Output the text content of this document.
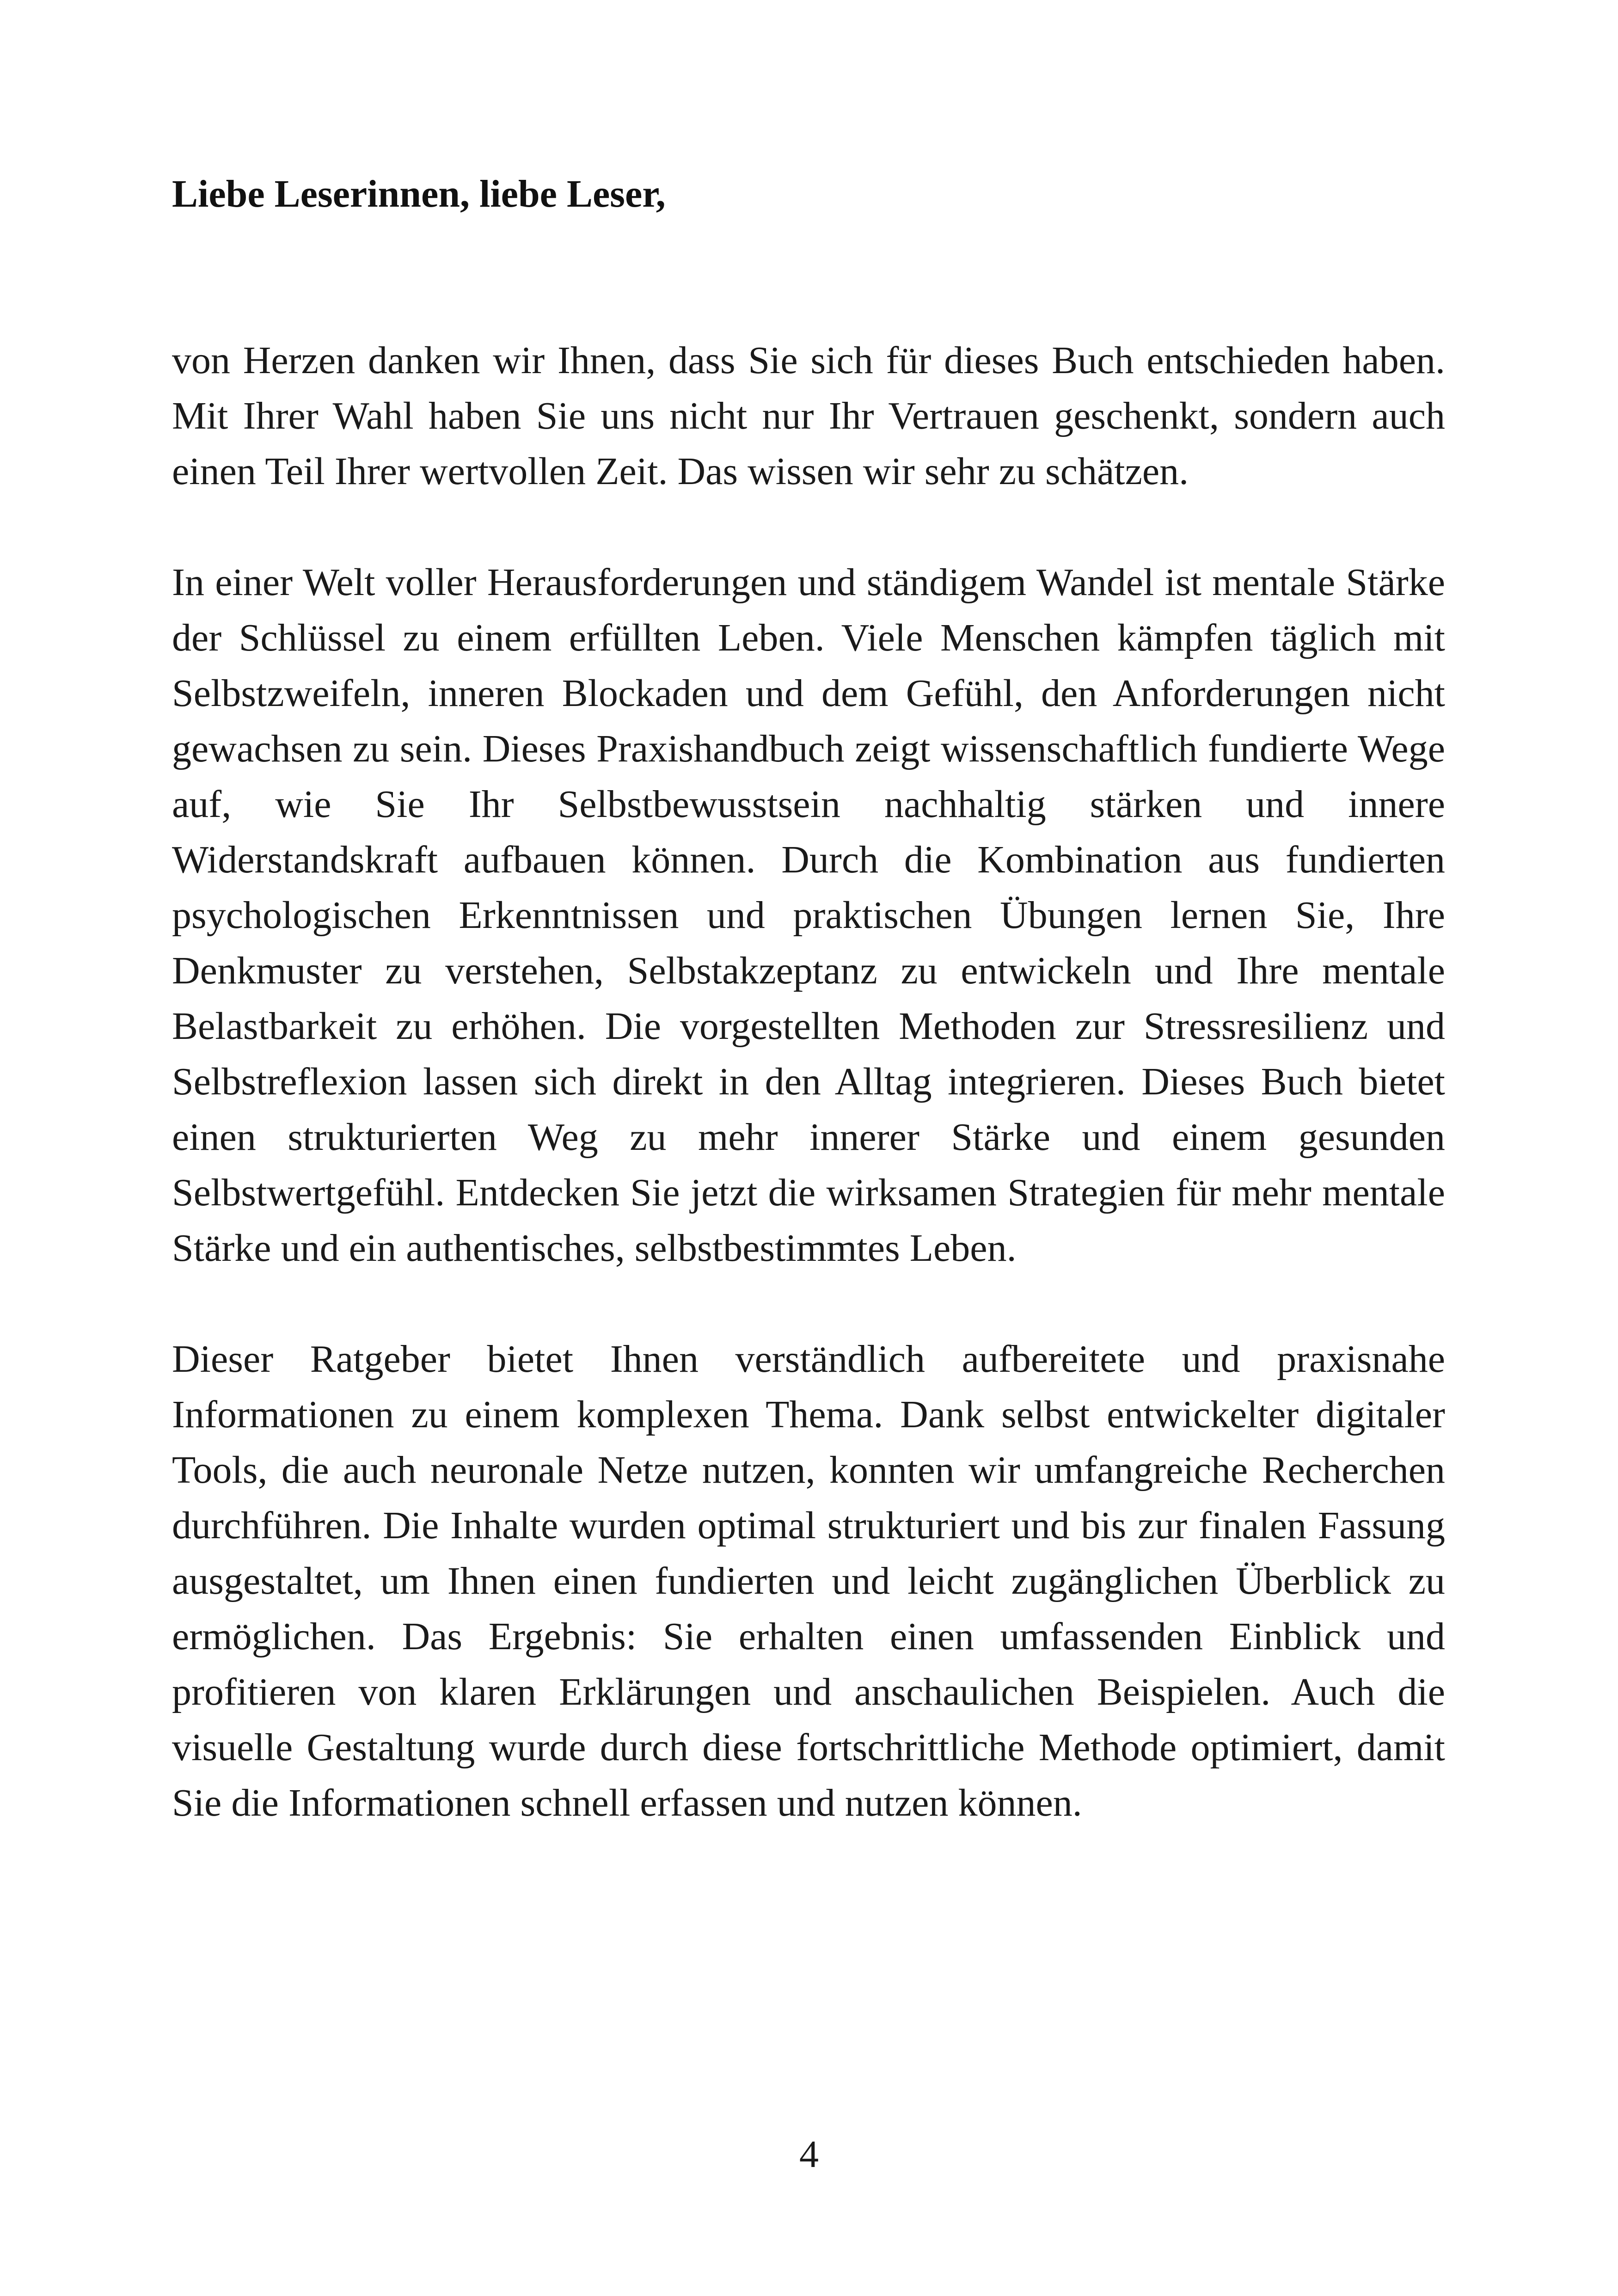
Liebe Leserinnen, liebe Leser,

von Herzen danken wir Ihnen, dass Sie sich für dieses Buch entschieden haben. Mit Ihrer Wahl haben Sie uns nicht nur Ihr Vertrauen geschenkt, sondern auch einen Teil Ihrer wertvollen Zeit. Das wissen wir sehr zu schätzen.

In einer Welt voller Herausforderungen und ständigem Wandel ist mentale Stärke der Schlüssel zu einem erfüllten Leben. Viele Menschen kämpfen täglich mit Selbstzweifeln, inneren Blockaden und dem Gefühl, den Anforderungen nicht gewachsen zu sein. Dieses Praxishandbuch zeigt wissenschaftlich fundierte Wege auf, wie Sie Ihr Selbstbewusstsein nachhaltig stärken und innere Widerstandskraft aufbauen können. Durch die Kombination aus fundierten psychologischen Erkenntnissen und praktischen Übungen lernen Sie, Ihre Denkmuster zu verstehen, Selbstakzeptanz zu entwickeln und Ihre mentale Belastbarkeit zu erhöhen. Die vorgestellten Methoden zur Stressresilienz und Selbstreflexion lassen sich direkt in den Alltag integrieren. Dieses Buch bietet einen strukturierten Weg zu mehr innerer Stärke und einem gesunden Selbstwertgefühl. Entdecken Sie jetzt die wirksamen Strategien für mehr mentale Stärke und ein authentisches, selbstbestimmtes Leben.

Dieser Ratgeber bietet Ihnen verständlich aufbereitete und praxisnahe Informationen zu einem komplexen Thema. Dank selbst entwickelter digitaler Tools, die auch neuronale Netze nutzen, konnten wir umfangreiche Recherchen durchführen. Die Inhalte wurden optimal strukturiert und bis zur finalen Fassung ausgestaltet, um Ihnen einen fundierten und leicht zugänglichen Überblick zu ermöglichen. Das Ergebnis: Sie erhalten einen umfassenden Einblick und profitieren von klaren Erklärungen und anschaulichen Beispielen. Auch die visuelle Gestaltung wurde durch diese fortschrittliche Methode optimiert, damit Sie die Informationen schnell erfassen und nutzen können.

4
